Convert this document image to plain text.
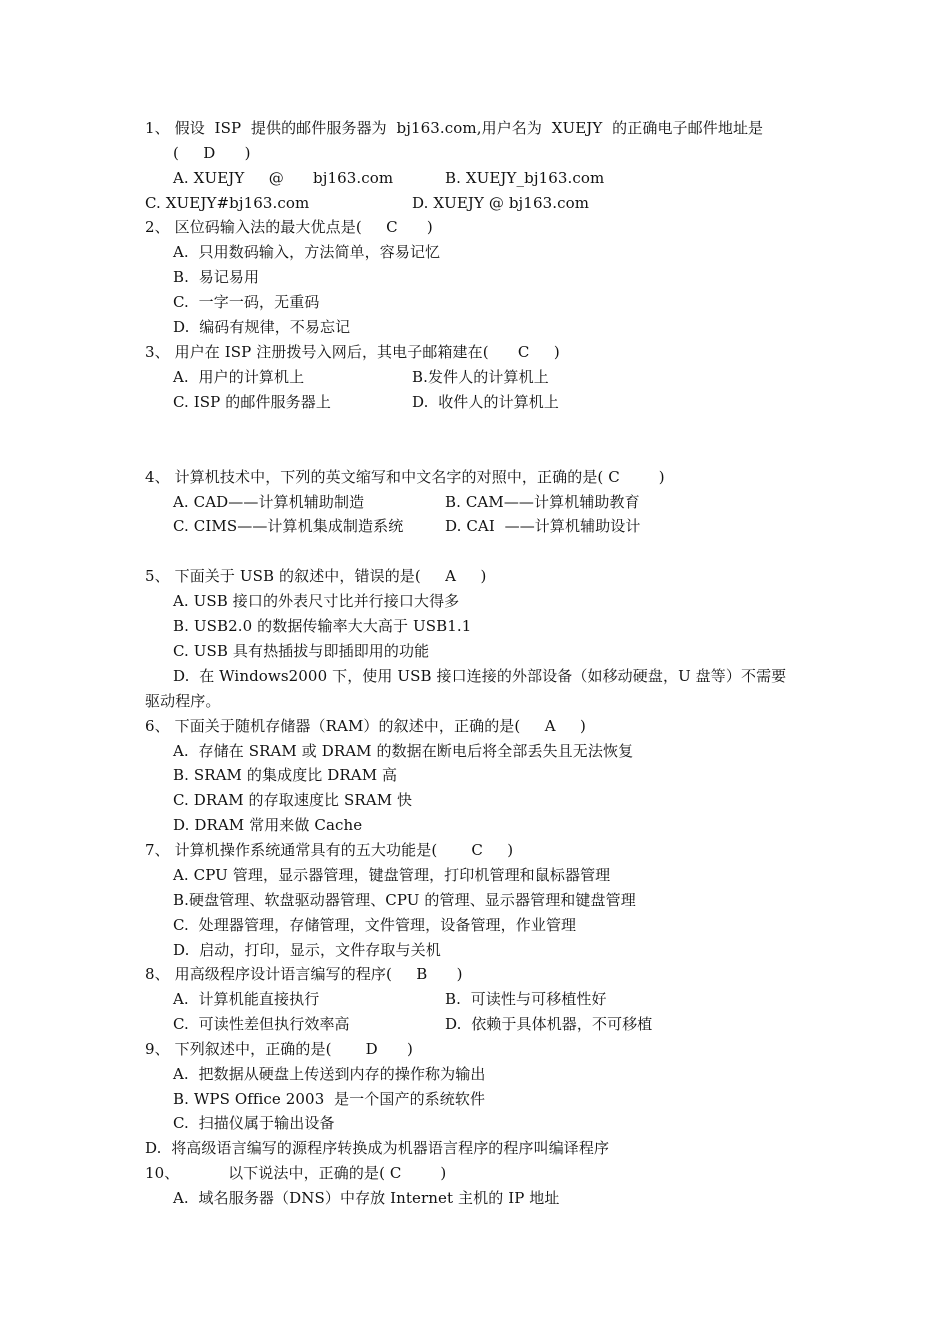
1、 假设  ISP  提供的邮件服务器为  bj163.com,用户名为  XUEJY  的正确电子邮件地址是
(     D      )
A. XUEJY     @      bj163.com	B. XUEJY_bj163.com
C. XUEJY#bj163.com	D. XUEJY @ bj163.com
2、 区位码输入法的最大优点是(     C      )
A.  只用数码输入，方法简单，容易记忆
B.  易记易用
C.  一字一码，无重码
D.  编码有规律，不易忘记
3、 用户在 ISP 注册拨号入网后，其电子邮箱建在(      C     )
A.  用户的计算机上	B.发件人的计算机上
C. ISP 的邮件服务器上	D.  收件人的计算机上
4、 计算机技术中，下列的英文缩写和中文名字的对照中，正确的是( C        )
A. CAD——计算机辅助制造	B. CAM——计算机辅助教育
C. CIMS——计算机集成制造系统	D. CAI  ——计算机辅助设计
5、 下面关于 USB 的叙述中，错误的是(     A     )
A. USB 接口的外表尺寸比并行接口大得多
B. USB2.0 的数据传输率大大高于 USB1.1
C. USB 具有热插拔与即插即用的功能
D.  在 Windows2000 下，使用 USB 接口连接的外部设备（如移动硬盘，U 盘等）不需要
驱动程序。
6、 下面关于随机存储器（RAM）的叙述中，正确的是(     A     )
A.  存储在 SRAM 或 DRAM 的数据在断电后将全部丢失且无法恢复
B. SRAM 的集成度比 DRAM 高
C. DRAM 的存取速度比 SRAM 快
D. DRAM 常用来做 Cache
7、 计算机操作系统通常具有的五大功能是(       C     )
A. CPU 管理，显示器管理，键盘管理，打印机管理和鼠标器管理
B.硬盘管理、软盘驱动器管理、CPU 的管理、显示器管理和键盘管理
C.  处理器管理，存储管理，文件管理，设备管理，作业管理
D.  启动，打印，显示，文件存取与关机
8、 用高级程序设计语言编写的程序(     B      )
A.  计算机能直接执行	B.  可读性与可移植性好
C.  可读性差但执行效率高	D.  依赖于具体机器，不可移植
9、 下列叙述中，正确的是(       D      )
A.  把数据从硬盘上传送到内存的操作称为输出
B. WPS Office 2003  是一个国产的系统软件
C.  扫描仪属于输出设备
D.  将高级语言编写的源程序转换成为机器语言程序的程序叫编译程序
10、          以下说法中，正确的是( C        )
A.  域名服务器（DNS）中存放 Internet 主机的 IP 地址
